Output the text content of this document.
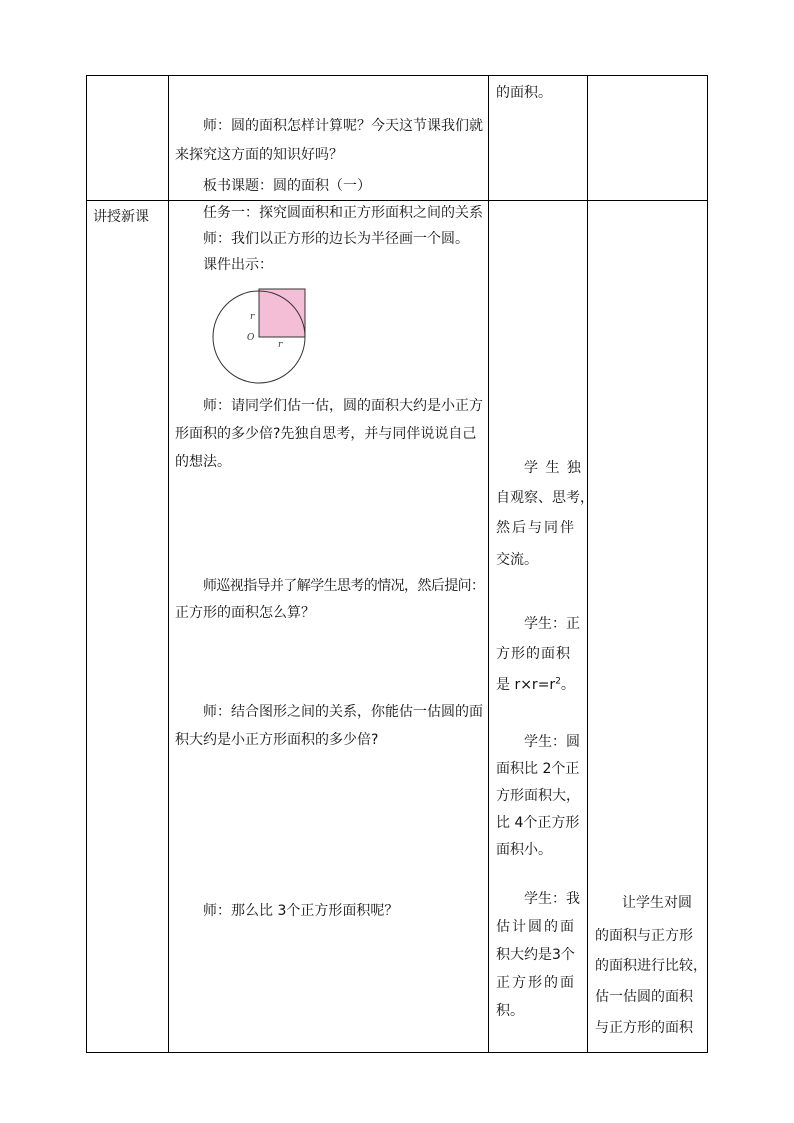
讲授新课
师：圆的面积怎样计算呢？今天这节课我们就
来探究这方面的知识好吗？
板书课题：圆的面积（一）
任务一：探究圆面积和正方形面积之间的关系
师：我们以正方形的边长为半径画一个圆。
课件出示：
r
O
r
师：请同学们估一估，圆的面积大约是小正方
形面积的多少倍?先独自思考，并与同伴说说自己
的想法。
师巡视指导并了解学生思考的情况，然后提问：
正方形的面积怎么算？
师：结合图形之间的关系，你能估一估圆的面
积大约是小正方形面积的多少倍?
师：那么比 3个正方形面积呢？
的面积。
学 生 独
自观察、思考，
然后与同伴
交流。
学生：正
方形的面积
是 $r\times r=r^2$。
学生：圆
面积比 2个正
方形面积大，
比 4个正方形
面积小。
学生：我
估计圆的面
积大约是3个
正方形的面
积。
让学生对圆
的面积与正方形
的面积进行比较，
估一估圆的面积
与正方形的面积
